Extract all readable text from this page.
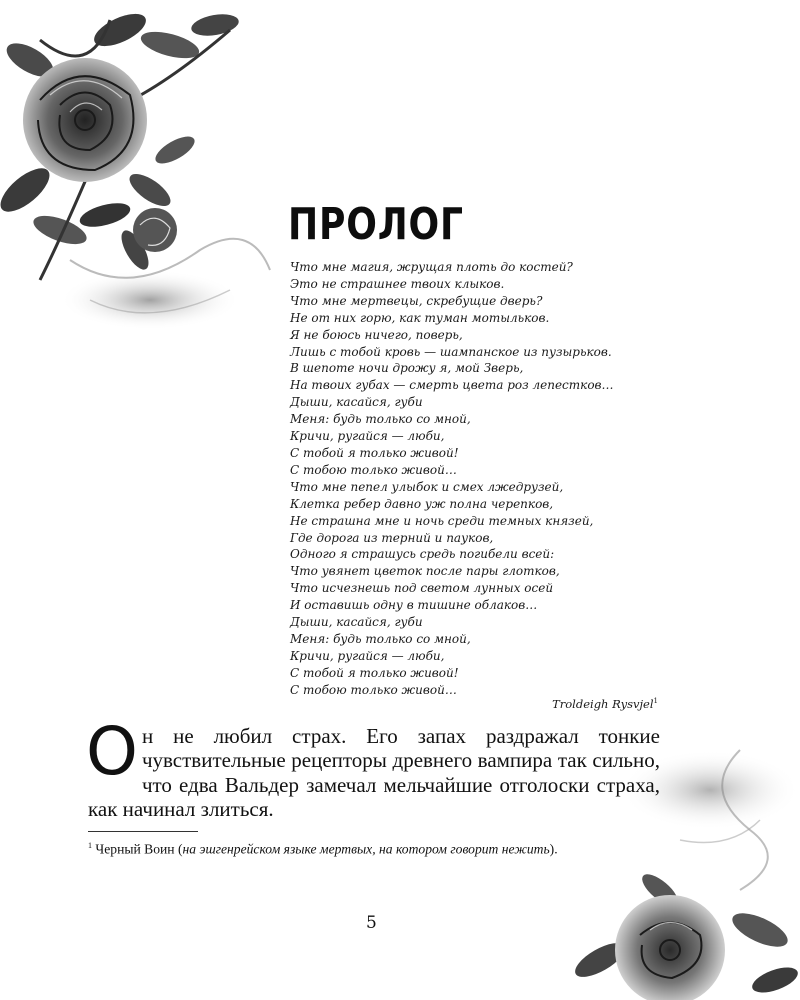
ПРОЛОГ
Что мне магия, жрущая плоть до костей?
Это не страшнее твоих клыков.
Что мне мертвецы, скребущие дверь?
Не от них горю, как туман мотыльков.
Я не боюсь ничего, поверь,
Лишь с тобой кровь — шампанское из пузырьков.
В шепоте ночи дрожу я, мой Зверь,
На твоих губах — смерть цвета роз лепестков…
Дыши, касайся, губи
Меня: будь только со мной,
Кричи, ругайся — люби,
С тобой я только живой!
С тобою только живой…
Что мне пепел улыбок и смех лжедрузей,
Клетка ребер давно уж полна черепков,
Не страшна мне и ночь среди темных князей,
Где дорога из терний и пауков,
Одного я страшусь средь погибели всей:
Что увянет цветок после пары глотков,
Что исчезнешь под светом лунных осей
И оставишь одну в тишине облаков…
Дыши, касайся, губи
Меня: будь только со мной,
Кричи, ругайся — люби,
С тобой я только живой!
С тобою только живой…
Troldeigh Rysvjel$^1$

Он не любил страх. Его запах раздражал тонкие чувствительные рецепторы древнего вампира так сильно, что едва Вальдер замечал мельчайшие отголоски страха, как начинал злиться.

$^1$ Черный Воин (на эшгенрейском языке мертвых, на котором говорит нежить).

5
